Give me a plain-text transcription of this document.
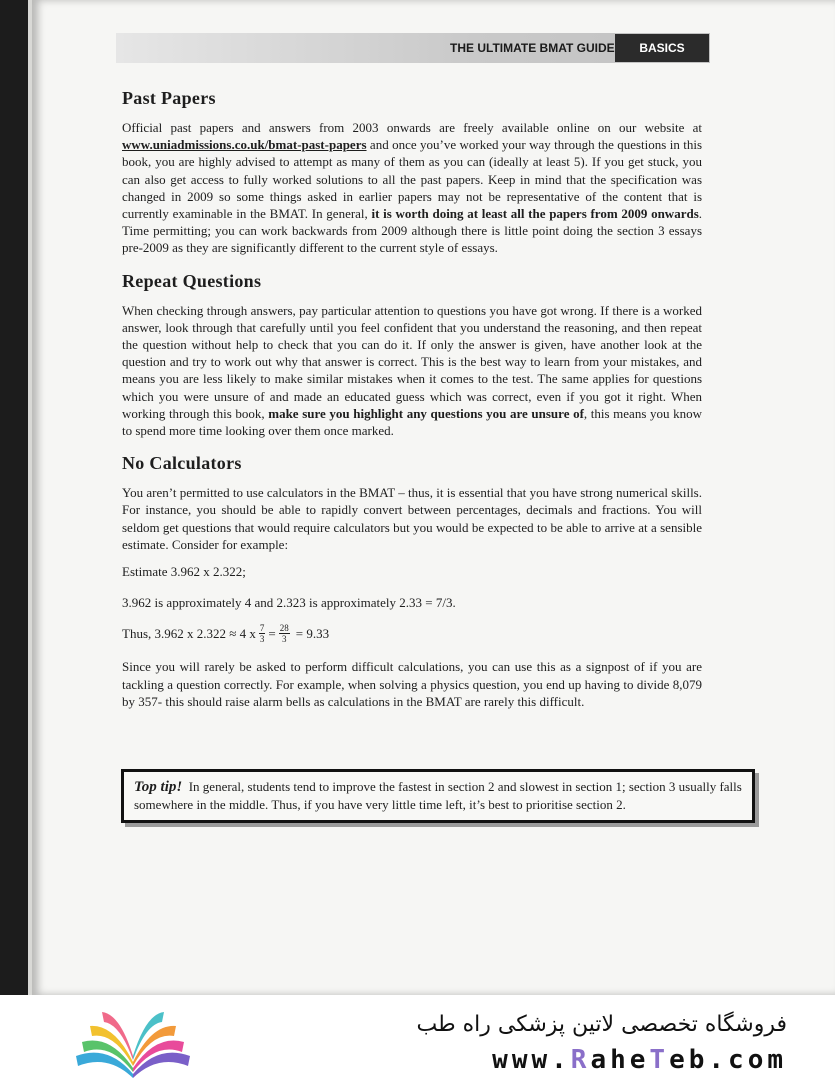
THE ULTIMATE BMAT GUIDE	BASICS
Past Papers

Official past papers and answers from 2003 onwards are freely available online on our website at www.uniadmissions.co.uk/bmat-past-papers and once you’ve worked your way through the questions in this book, you are highly advised to attempt as many of them as you can (ideally at least 5). If you get stuck, you can also get access to fully worked solutions to all the past papers. Keep in mind that the specification was changed in 2009 so some things asked in earlier papers may not be representative of the content that is currently examinable in the BMAT. In general, it is worth doing at least all the papers from 2009 onwards. Time permitting; you can work backwards from 2009 although there is little point doing the section 3 essays pre-2009 as they are significantly different to the current style of essays.

Repeat Questions

When checking through answers, pay particular attention to questions you have got wrong. If there is a worked answer, look through that carefully until you feel confident that you understand the reasoning, and then repeat the question without help to check that you can do it. If only the answer is given, have another look at the question and try to work out why that answer is correct. This is the best way to learn from your mistakes, and means you are less likely to make similar mistakes when it comes to the test. The same applies for questions which you were unsure of and made an educated guess which was correct, even if you got it right. When working through this book, make sure you highlight any questions you are unsure of, this means you know to spend more time looking over them once marked.

No Calculators

You aren’t permitted to use calculators in the BMAT – thus, it is essential that you have strong numerical skills. For instance, you should be able to rapidly convert between percentages, decimals and fractions. You will seldom get questions that would require calculators but you would be expected to be able to arrive at a sensible estimate. Consider for example:

Estimate 3.962 x 2.322;

3.962 is approximately 4 and 2.323 is approximately 2.33 = 7/3.

Thus, 3.962 x 2.322 ≈ 4 x $\frac{7}{3} = \frac{28}{3} = 9.33$

Since you will rarely be asked to perform difficult calculations, you can use this as a signpost of if you are tackling a question correctly. For example, when solving a physics question, you end up having to divide 8,079 by 357- this should raise alarm bells as calculations in the BMAT are rarely this difficult.

Top tip! In general, students tend to improve the fastest in section 2 and slowest in section 1; section 3 usually falls somewhere in the middle. Thus, if you have very little time left, it’s best to prioritise section 2.
فروشگاه تخصصی لاتین پزشکی راه طب
www.RaheTeb.com
